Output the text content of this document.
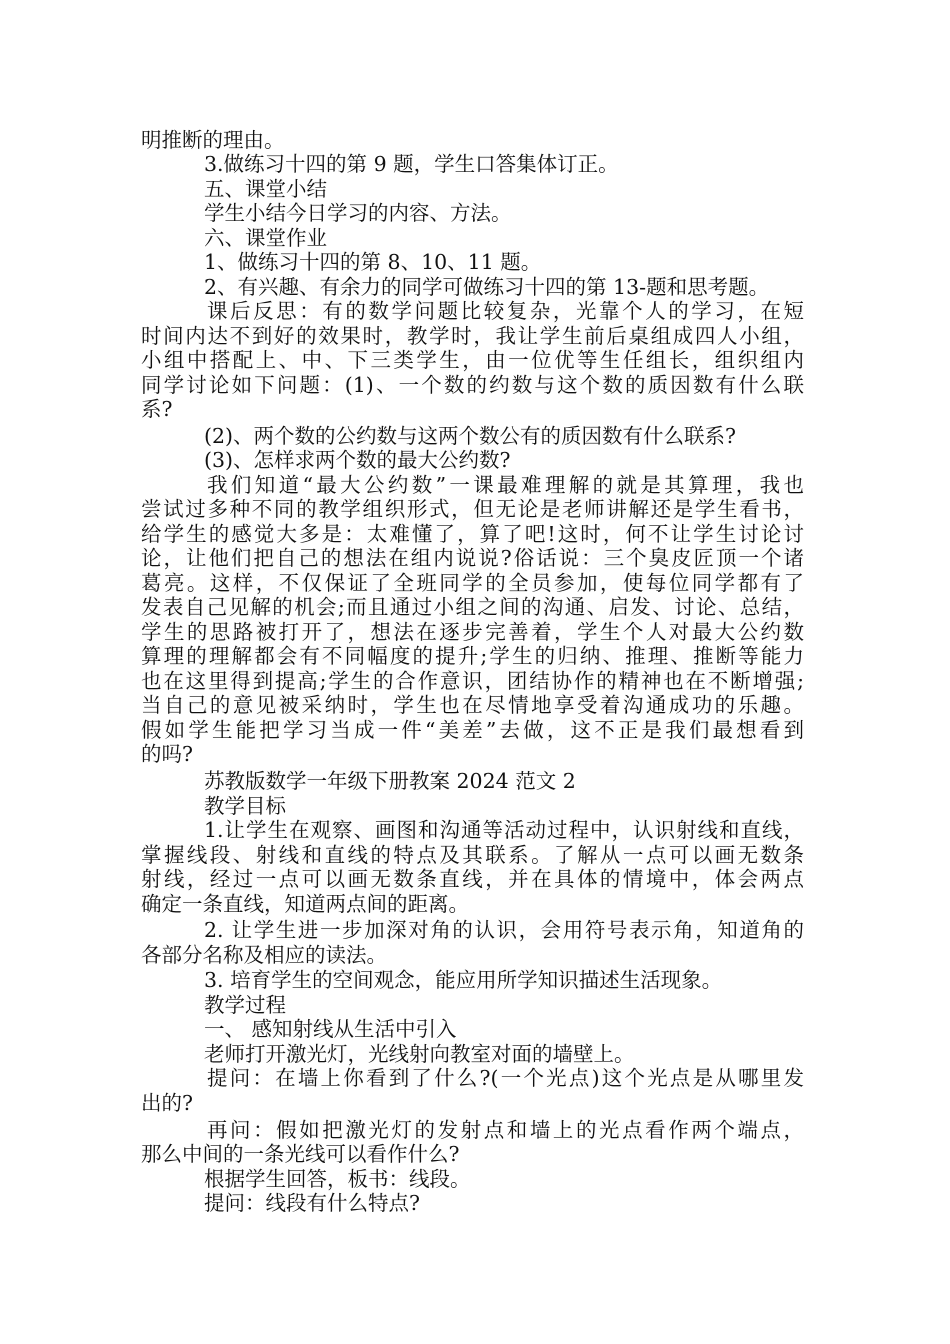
明推断的理由。
3.做练习十四的第 9 题，学生口答集体订正。
五、课堂小结
学生小结今日学习的内容、方法。
六、课堂作业
1、做练习十四的第 8、10、11 题。
2、有兴趣、有余力的同学可做练习十四的第 13-题和思考题。
课后反思：有的数学问题比较复杂，光靠个人的学习，在短
时间内达不到好的效果时，教学时，我让学生前后桌组成四人小组，
小组中搭配上、中、下三类学生，由一位优等生任组长，组织组内
同学讨论如下问题：(1)、一个数的约数与这个数的质因数有什么联
系?
(2)、两个数的公约数与这两个数公有的质因数有什么联系?
(3)、怎样求两个数的最大公约数?
我们知道“最大公约数”一课最难理解的就是其算理，我也
尝试过多种不同的教学组织形式，但无论是老师讲解还是学生看书，
给学生的感觉大多是：太难懂了，算了吧!这时，何不让学生讨论讨
论，让他们把自己的想法在组内说说?俗话说：三个臭皮匠顶一个诸
葛亮。这样，不仅保证了全班同学的全员参加，使每位同学都有了
发表自己见解的机会;而且通过小组之间的沟通、启发、讨论、总结，
学生的思路被打开了，想法在逐步完善着，学生个人对最大公约数
算理的理解都会有不同幅度的提升;学生的归纳、推理、推断等能力
也在这里得到提高;学生的合作意识，团结协作的精神也在不断增强;
当自己的意见被采纳时，学生也在尽情地享受着沟通成功的乐趣。
假如学生能把学习当成一件“美差”去做，这不正是我们最想看到
的吗?
苏教版数学一年级下册教案 2024 范文 2
教学目标
1.让学生在观察、画图和沟通等活动过程中，认识射线和直线，
掌握线段、射线和直线的特点及其联系。了解从一点可以画无数条
射线，经过一点可以画无数条直线，并在具体的情境中，体会两点
确定一条直线，知道两点间的距离。
2. 让学生进一步加深对角的认识，会用符号表示角，知道角的
各部分名称及相应的读法。
3. 培育学生的空间观念，能应用所学知识描述生活现象。
教学过程
一、 感知射线从生活中引入
老师打开激光灯，光线射向教室对面的墙壁上。
提问：在墙上你看到了什么?(一个光点)这个光点是从哪里发
出的?
再问：假如把激光灯的发射点和墙上的光点看作两个端点，
那么中间的一条光线可以看作什么?
根据学生回答，板书：线段。
提问：线段有什么特点?
